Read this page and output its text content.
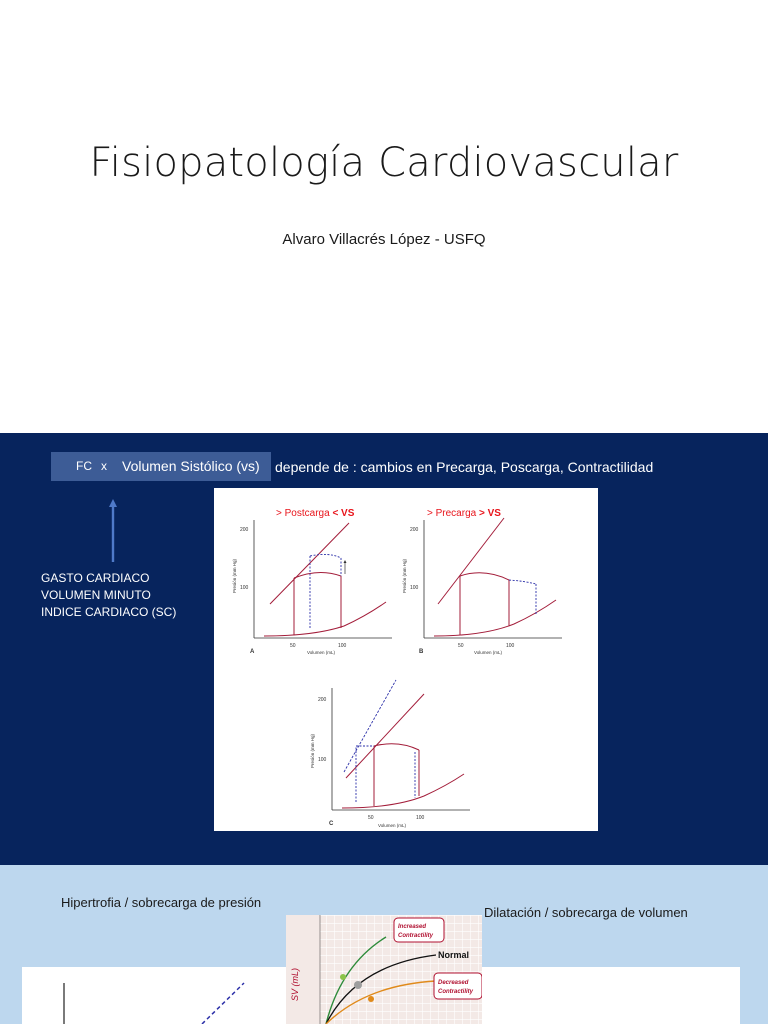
Fisiopatología Cardiovascular
Alvaro Villacrés López - USFQ
FC x Volumen Sistólico (vs) depende de : cambios en Precarga, Poscarga, Contractilidad
GASTO CARDIACO
VOLUMEN MINUTO
INDICE CARDIACO (SC)
> Postcarga < VS
200
100
50	100
Volumen (mL)
Presión (mm Hg)
A
> Precarga > VS
200
100
50	100
Volumen (mL)
Presión (mm Hg)
B
200
100
50	100
Volumen (mL)
Presión (mm Hg)
C
Hipertrofia / sobrecarga de presión
Dilatación / sobrecarga de volumen
SV (mL)
Increased
Contractility
Normal
Decreased
Contractility
